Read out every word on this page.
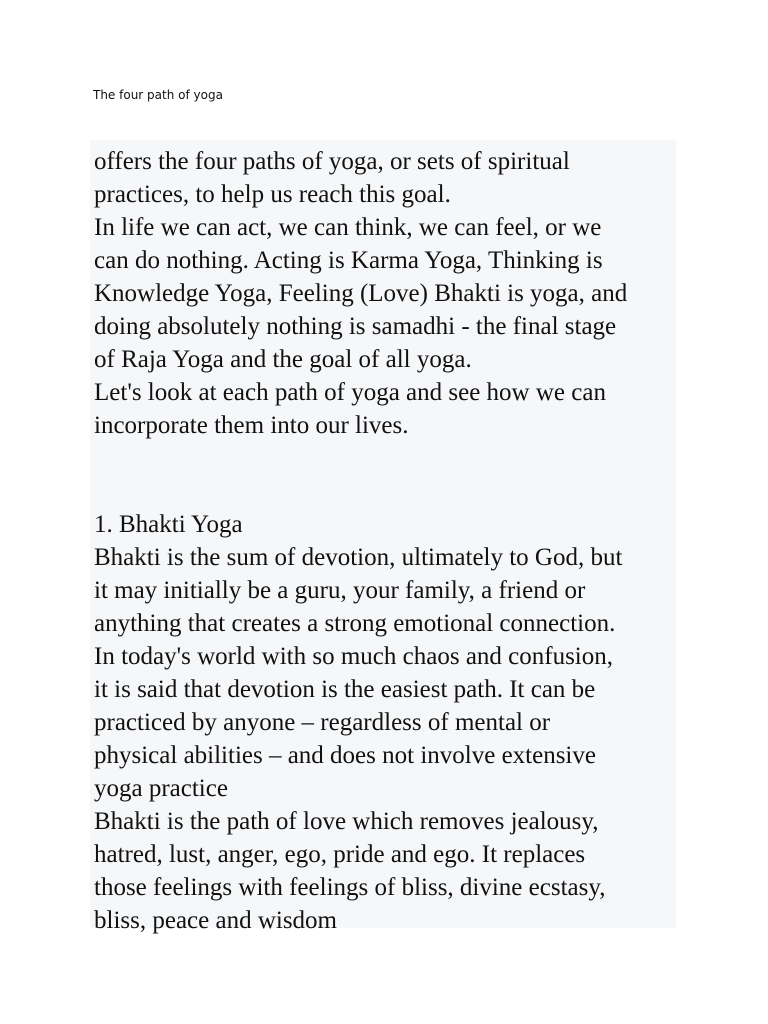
The four path of yoga
offers the four paths of yoga, or sets of spiritual
practices, to help us reach this goal.
In life we can act, we can think, we can feel, or we
can do nothing. Acting is Karma Yoga, Thinking is
Knowledge Yoga, Feeling (Love) Bhakti is yoga, and
doing absolutely nothing is samadhi - the final stage
of Raja Yoga and the goal of all yoga.
Let's look at each path of yoga and see how we can
incorporate them into our lives.
1. Bhakti Yoga
Bhakti is the sum of devotion, ultimately to God, but
it may initially be a guru, your family, a friend or
anything that creates a strong emotional connection.
In today's world with so much chaos and confusion,
it is said that devotion is the easiest path. It can be
practiced by anyone – regardless of mental or
physical abilities – and does not involve extensive
yoga practice
Bhakti is the path of love which removes jealousy,
hatred, lust, anger, ego, pride and ego. It replaces
those feelings with feelings of bliss, divine ecstasy,
bliss, peace and wisdom
